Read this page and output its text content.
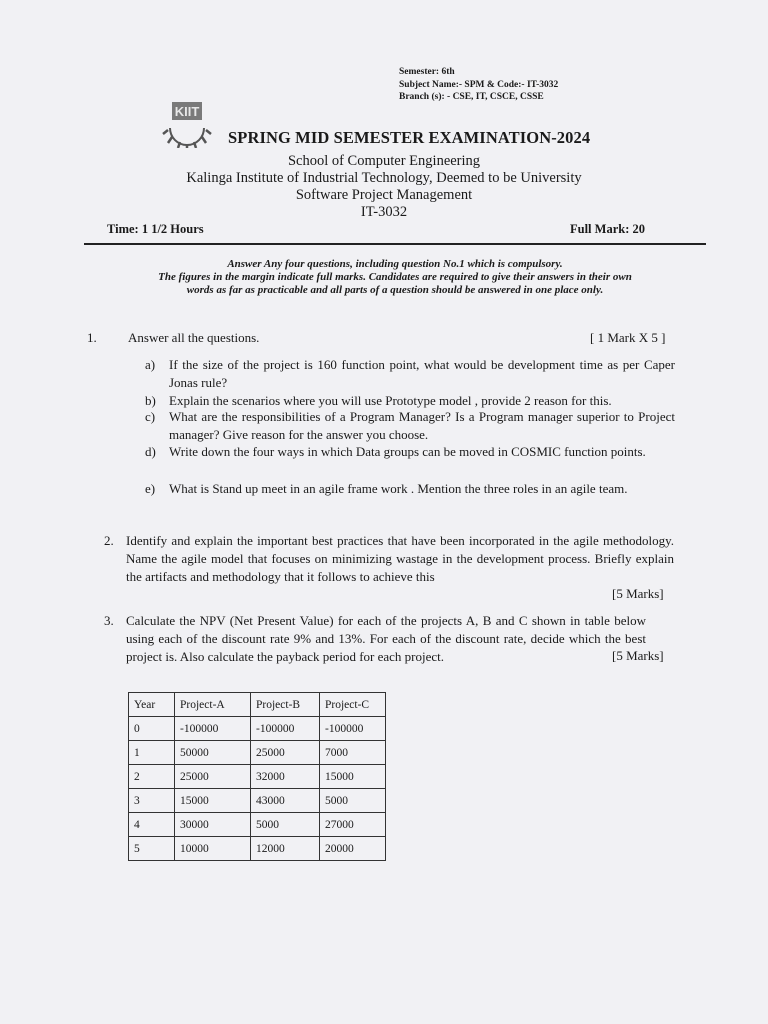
Semester: 6th
Subject Name:- SPM & Code:- IT-3032
Branch (s): - CSE, IT, CSCE, CSSE
KIIT
SPRING MID SEMESTER EXAMINATION-2024
School of Computer Engineering
Kalinga Institute of Industrial Technology, Deemed to be University
Software Project Management
IT-3032
Time: 1 1/2 Hours	Full Mark: 20
Answer Any four questions, including question No.1 which is compulsory.
The figures in the margin indicate full marks. Candidates are required to give their answers in their own
words as far as practicable and all parts of a question should be answered in one place only.
1. Answer all the questions.	[ 1 Mark X 5 ]
a) If the size of the project is 160 function point, what would be development time as per Caper Jonas rule?
b) Explain the scenarios where you will use Prototype model , provide 2 reason for this.
c) What are the responsibilities of a Program Manager? Is a Program manager superior to Project manager? Give reason for the answer you choose.
d) Write down the four ways in which Data groups can be moved in COSMIC function points.
e) What is Stand up meet in an agile frame work . Mention the three roles in an agile team.
2. Identify and explain the important best practices that have been incorporated in the agile methodology. Name the agile model that focuses on minimizing wastage in the development process. Briefly explain the artifacts and methodology that it follows to achieve this
[5 Marks]
3. Calculate the NPV (Net Present Value) for each of the projects A, B and C shown in table below using each of the discount rate 9% and 13%. For each of the discount rate, decide which the best project is. Also calculate the payback period for each project.	[5 Marks]
Year	Project-A	Project-B	Project-C
0	-100000	-100000	-100000
1	50000	25000	7000
2	25000	32000	15000
3	15000	43000	5000
4	30000	5000	27000
5	10000	12000	20000
